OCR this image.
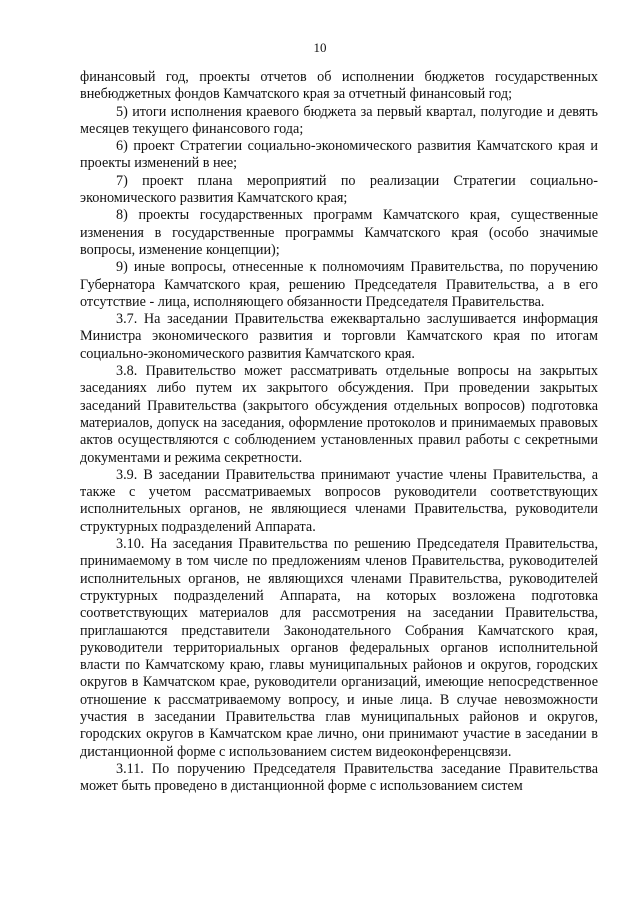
10

финансовый год, проекты отчетов об исполнении бюджетов государственных внебюджетных фондов Камчатского края за отчетный финансовый год;

5) итоги исполнения краевого бюджета за первый квартал, полугодие и девять месяцев текущего финансового года;

6) проект Стратегии социально-экономического развития Камчатского края и проекты изменений в нее;

7) проект плана мероприятий по реализации Стратегии социально-экономического развития Камчатского края;

8) проекты государственных программ Камчатского края, существенные изменения в государственные программы Камчатского края (особо значимые вопросы, изменение концепции);

9) иные вопросы, отнесенные к полномочиям Правительства, по поручению Губернатора Камчатского края, решению Председателя Правительства, а в его отсутствие - лица, исполняющего обязанности Председателя Правительства.

3.7. На заседании Правительства ежеквартально заслушивается информация Министра экономического развития и торговли Камчатского края по итогам социально-экономического развития Камчатского края.

3.8. Правительство может рассматривать отдельные вопросы на закрытых заседаниях либо путем их закрытого обсуждения. При проведении закрытых заседаний Правительства (закрытого обсуждения отдельных вопросов) подготовка материалов, допуск на заседания, оформление протоколов и принимаемых правовых актов осуществляются с соблюдением установленных правил работы с секретными документами и режима секретности.

3.9. В заседании Правительства принимают участие члены Правительства, а также с учетом рассматриваемых вопросов руководители соответствующих исполнительных органов, не являющиеся членами Правительства, руководители структурных подразделений Аппарата.

3.10. На заседания Правительства по решению Председателя Правительства, принимаемому в том числе по предложениям членов Правительства, руководителей исполнительных органов, не являющихся членами Правительства, руководителей структурных подразделений Аппарата, на которых возложена подготовка соответствующих материалов для рассмотрения на заседании Правительства, приглашаются представители Законодательного Собрания Камчатского края, руководители территориальных органов федеральных органов исполнительной власти по Камчатскому краю, главы муниципальных районов и округов, городских округов в Камчатском крае, руководители организаций, имеющие непосредственное отношение к рассматриваемому вопросу, и иные лица. В случае невозможности участия в заседании Правительства глав муниципальных районов и округов, городских округов в Камчатском крае лично, они принимают участие в заседании в дистанционной форме с использованием систем видеоконференцсвязи.

3.11. По поручению Председателя Правительства заседание Правительства может быть проведено в дистанционной форме с использованием систем
